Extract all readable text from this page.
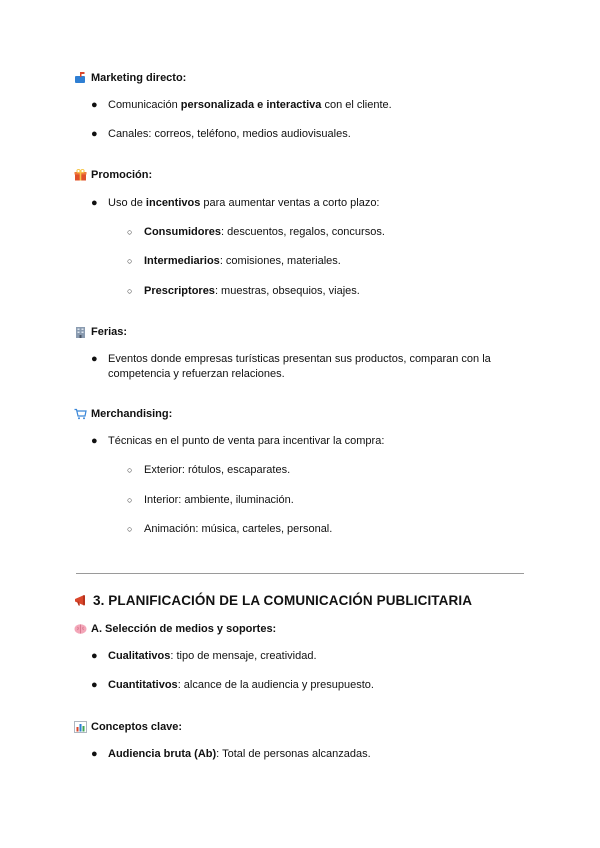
Marketing directo:
● Comunicación personalizada e interactiva con el cliente.
● Canales: correos, teléfono, medios audiovisuales.
Promoción:
● Uso de incentivos para aumentar ventas a corto plazo:
○ Consumidores: descuentos, regalos, concursos.
○ Intermediarios: comisiones, materiales.
○ Prescriptores: muestras, obsequios, viajes.
Ferias:
● Eventos donde empresas turísticas presentan sus productos, comparan con la
competencia y refuerzan relaciones.
Merchandising:
● Técnicas en el punto de venta para incentivar la compra:
○ Exterior: rótulos, escaparates.
○ Interior: ambiente, iluminación.
○ Animación: música, carteles, personal.
3. PLANIFICACIÓN DE LA COMUNICACIÓN PUBLICITARIA
A. Selección de medios y soportes:
● Cualitativos: tipo de mensaje, creatividad.
● Cuantitativos: alcance de la audiencia y presupuesto.
Conceptos clave:
● Audiencia bruta (Ab): Total de personas alcanzadas.
